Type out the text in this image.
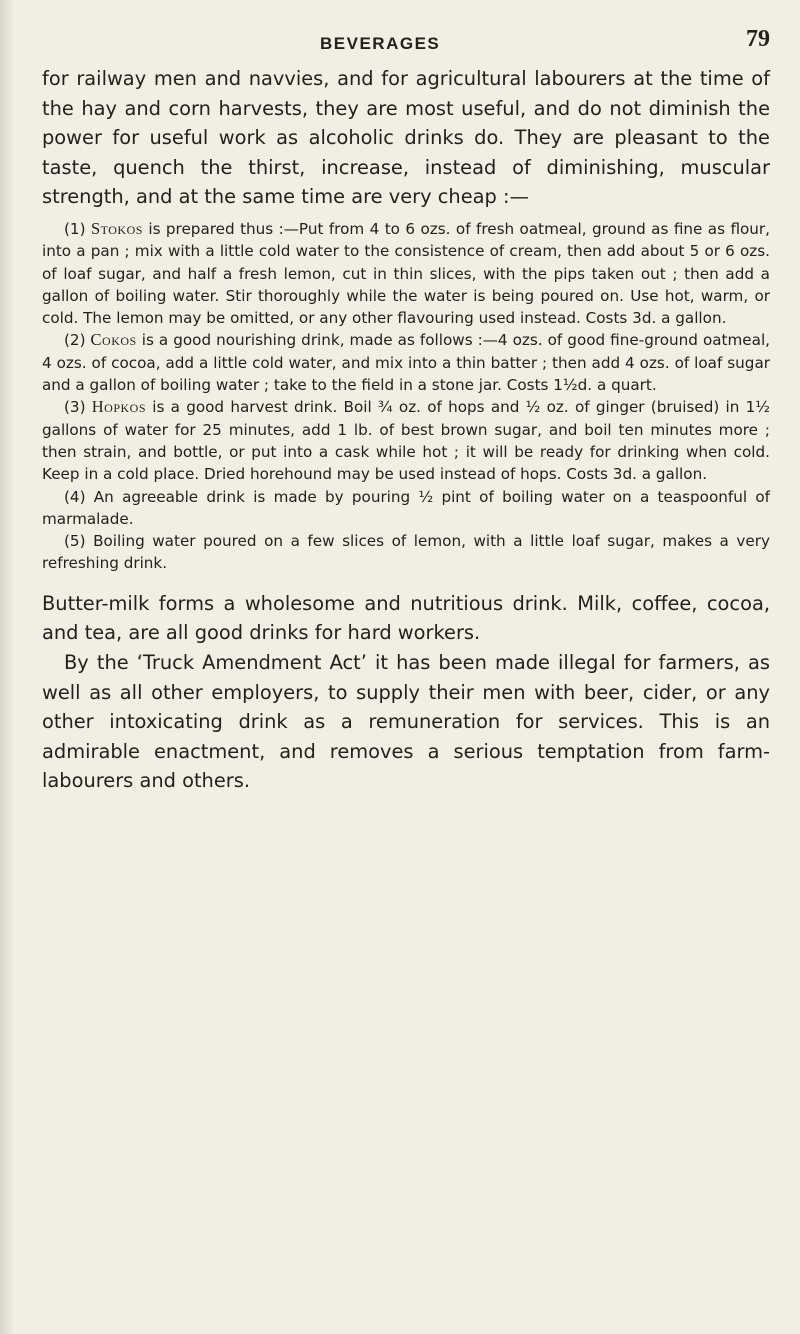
BEVERAGES	79

for railway men and navvies, and for agricultural labourers at the time of the hay and corn harvests, they are most useful, and do not diminish the power for useful work as alcoholic drinks do. They are pleasant to the taste, quench the thirst, increase, instead of diminishing, muscular strength, and at the same time are very cheap :—

(1) Stokos is prepared thus :—Put from 4 to 6 ozs. of fresh oatmeal, ground as fine as flour, into a pan ; mix with a little cold water to the consistence of cream, then add about 5 or 6 ozs. of loaf sugar, and half a fresh lemon, cut in thin slices, with the pips taken out ; then add a gallon of boiling water. Stir thoroughly while the water is being poured on. Use hot, warm, or cold. The lemon may be omitted, or any other flavouring used instead. Costs 3d. a gallon.

(2) Cokos is a good nourishing drink, made as follows :—4 ozs. of good fine-ground oatmeal, 4 ozs. of cocoa, add a little cold water, and mix into a thin batter ; then add 4 ozs. of loaf sugar and a gallon of boiling water ; take to the field in a stone jar. Costs 1½d. a quart.

(3) Hopkos is a good harvest drink. Boil ¾ oz. of hops and ½ oz. of ginger (bruised) in 1½ gallons of water for 25 minutes, add 1 lb. of best brown sugar, and boil ten minutes more ; then strain, and bottle, or put into a cask while hot ; it will be ready for drinking when cold. Keep in a cold place. Dried horehound may be used instead of hops. Costs 3d. a gallon.

(4) An agreeable drink is made by pouring ½ pint of boiling water on a teaspoonful of marmalade.

(5) Boiling water poured on a few slices of lemon, with a little loaf sugar, makes a very refreshing drink.

Butter-milk forms a wholesome and nutritious drink. Milk, coffee, cocoa, and tea, are all good drinks for hard workers.

By the ‘Truck Amendment Act’ it has been made illegal for farmers, as well as all other employers, to supply their men with beer, cider, or any other intoxicating drink as a remuneration for services. This is an admirable enactment, and removes a serious temptation from farm-labourers and others.
